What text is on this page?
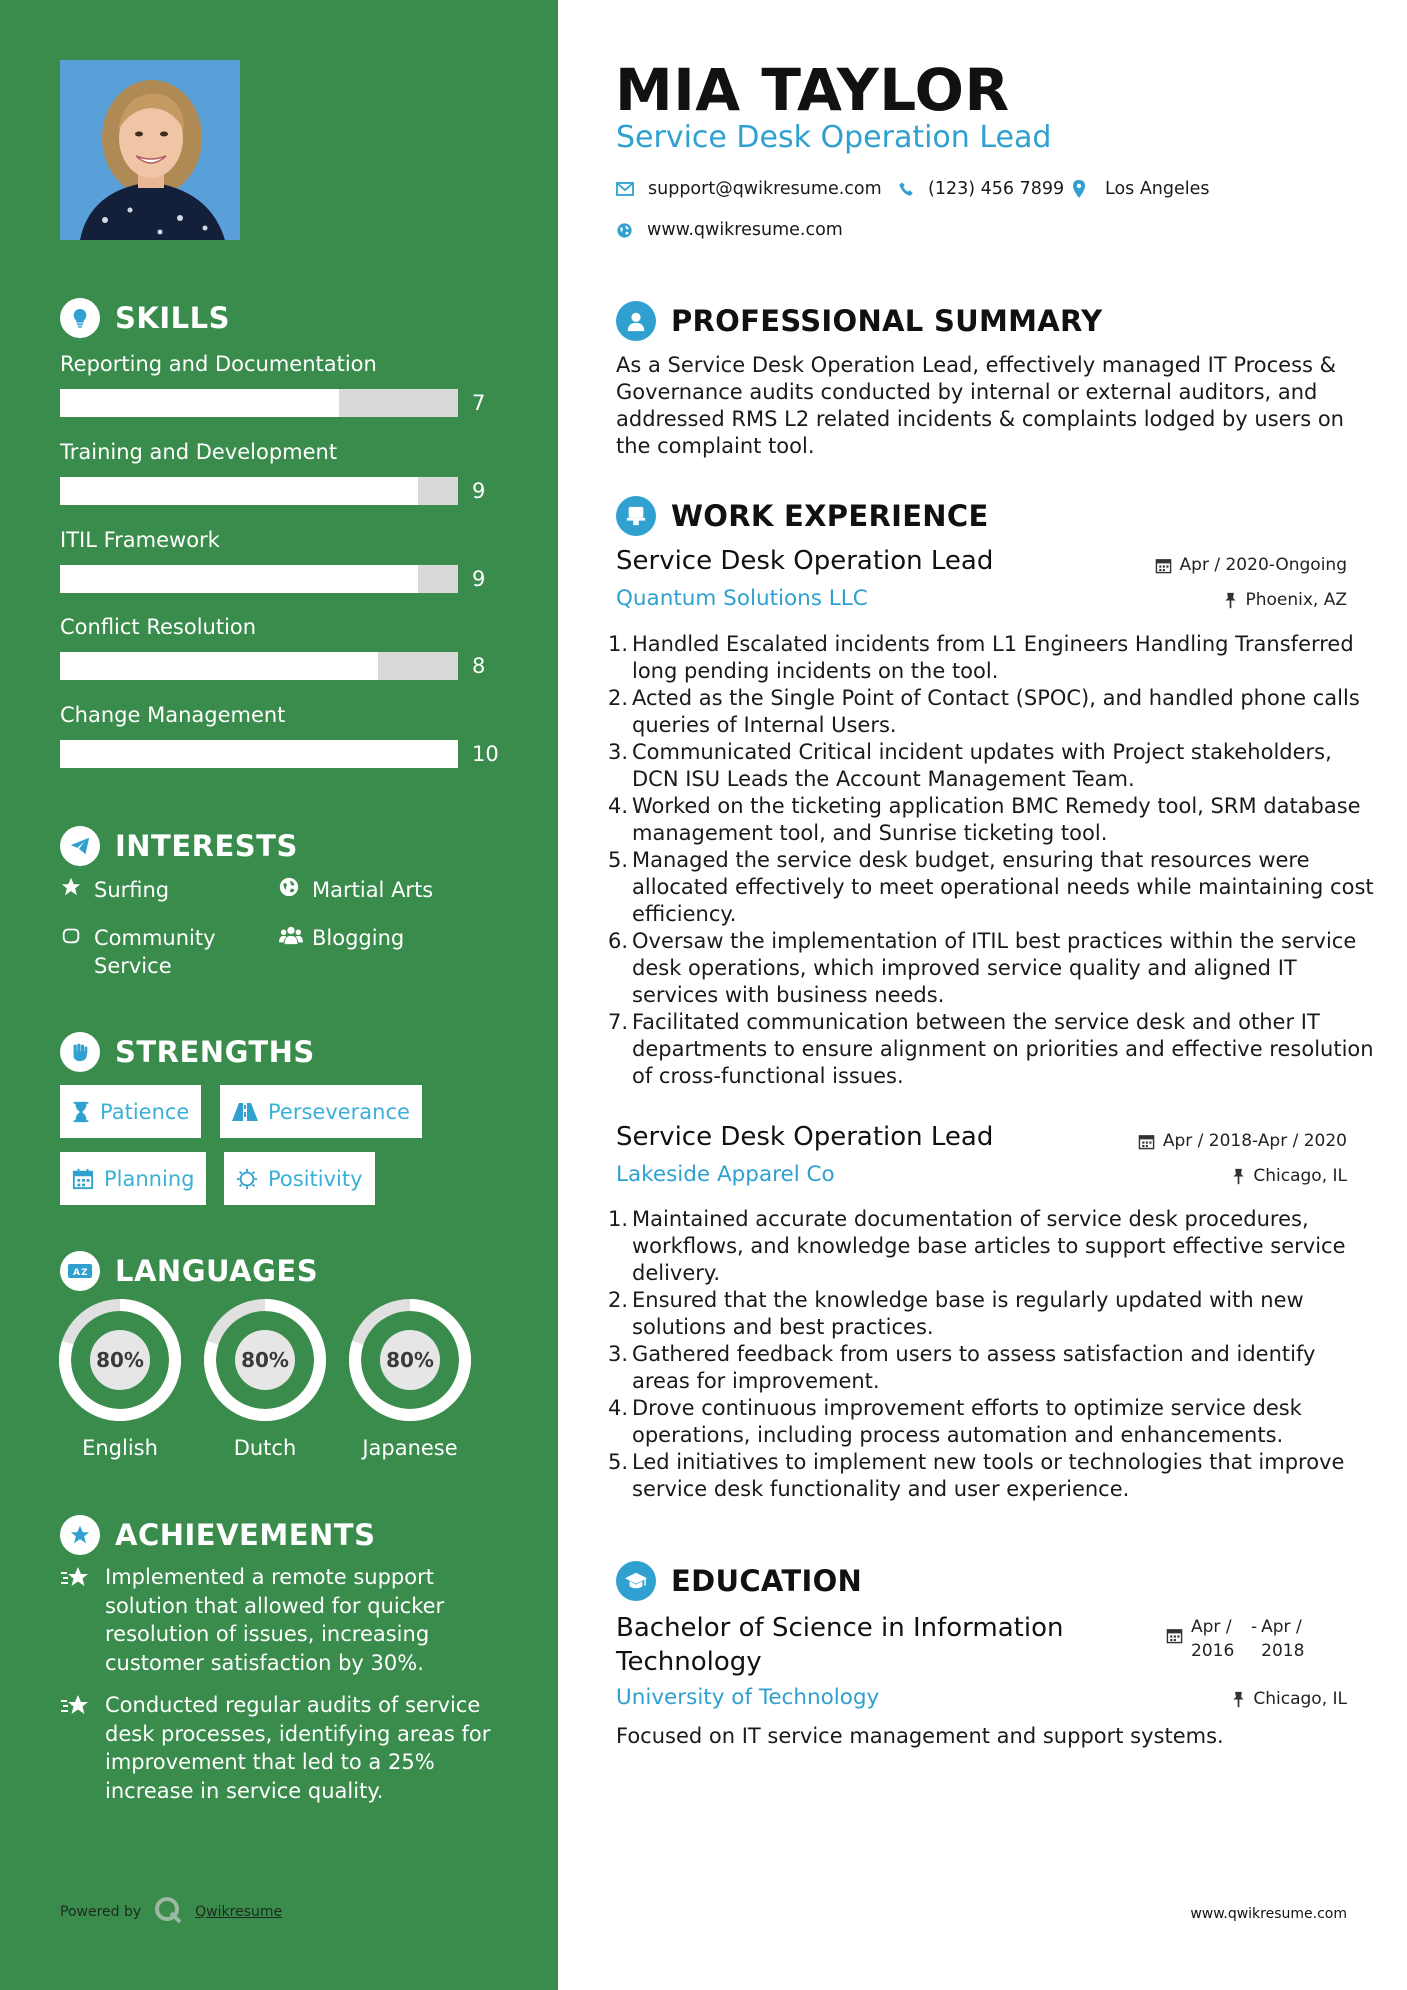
SKILLS
Reporting and Documentation
7
Training and Development
9
ITIL Framework
9
Conflict Resolution
8
Change Management
10
INTERESTS
Surfing	Martial Arts
Community Service
Blogging
STRENGTHS
Patience	Perseverance
Planning	Positivity
A Z LANGUAGES
80%
English
80%
Dutch
80%
Japanese
ACHIEVEMENTS
Implemented a remote support solution that allowed for quicker resolution of issues, increasing customer satisfaction by 30%.
Conducted regular audits of service desk processes, identifying areas for improvement that led to a 25% increase in service quality.
Powered by	Qwikresume
MIA TAYLOR
Service Desk Operation Lead
support@qwikresume.com	(123) 456 7899 Los Angeles
www.qwikresume.com
PROFESSIONAL SUMMARY
As a Service Desk Operation Lead, effectively managed IT Process & Governance audits conducted by internal or external auditors, and addressed RMS L2 related incidents & complaints lodged by users on the complaint tool.
WORK EXPERIENCE
Service Desk Operation Lead
Quantum Solutions LLC
Apr / 2020-Ongoing
Phoenix, AZ
1. Handled Escalated incidents from L1 Engineers Handling Transferred long pending incidents on the tool.
2. Acted as the Single Point of Contact (SPOC), and handled phone calls queries of Internal Users.
3. Communicated Critical incident updates with Project stakeholders, DCN ISU Leads the Account Management Team.
4. Worked on the ticketing application BMC Remedy tool, SRM database management tool, and Sunrise ticketing tool.
5. Managed the service desk budget, ensuring that resources were allocated effectively to meet operational needs while maintaining cost efficiency.
6. Oversaw the implementation of ITIL best practices within the service desk operations, which improved service quality and aligned IT services with business needs.
7. Facilitated communication between the service desk and other IT departments to ensure alignment on priorities and effective resolution of cross-functional issues.
Service Desk Operation Lead
Lakeside Apparel Co
Apr / 2018-Apr / 2020
Chicago, IL
1. Maintained accurate documentation of service desk procedures, workflows, and knowledge base articles to support effective service delivery.
2. Ensured that the knowledge base is regularly updated with new solutions and best practices.
3. Gathered feedback from users to assess satisfaction and identify areas for improvement.
4. Drove continuous improvement efforts to optimize service desk operations, including process automation and enhancements.
5. Led initiatives to implement new tools or technologies that improve service desk functionality and user experience.
EDUCATION
Bachelor of Science in Information Technology
University of Technology
Apr /
2016
- Apr /
2018
Chicago, IL
Focused on IT service management and support systems.
www.qwikresume.com
